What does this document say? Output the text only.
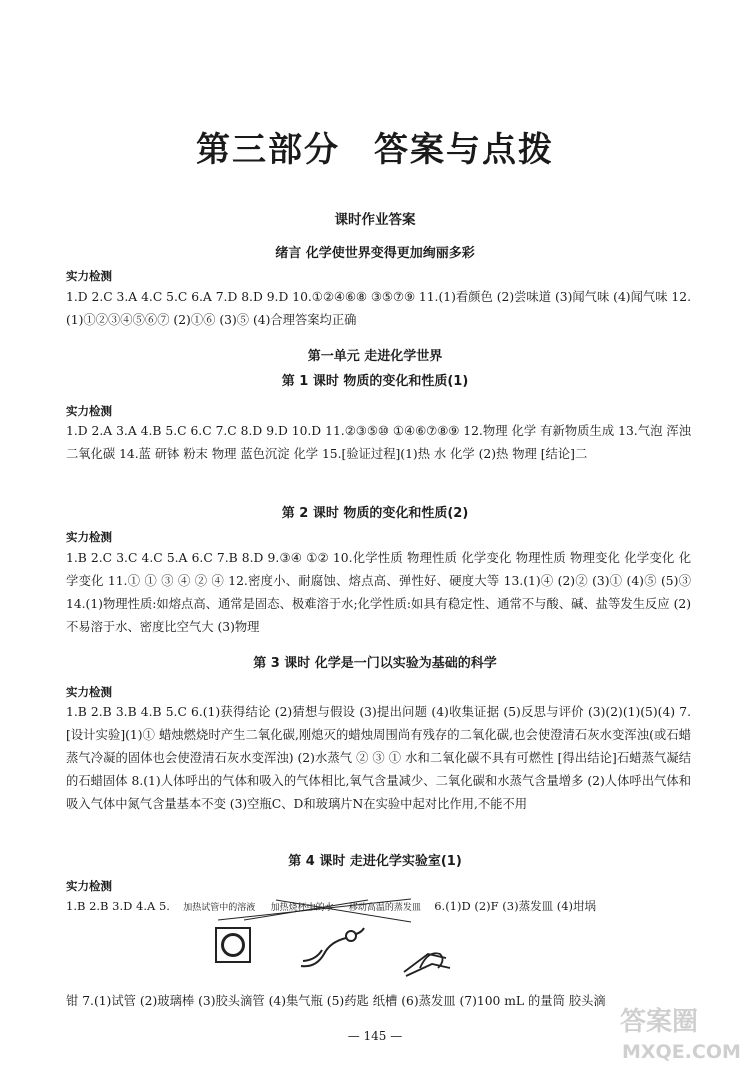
第三部分 答案与点拨
课时作业答案
绪言 化学使世界变得更加绚丽多彩
实力检测
1.D 2.C 3.A 4.C 5.C 6.A 7.D 8.D 9.D 10.①②④⑥⑧ ③⑤⑦⑨ 11.(1)看颜色 (2)尝味道 (3)闻气味 (4)闻气味 12.(1)①②③④⑤⑥⑦ (2)①⑥ (3)⑤ (4)合理答案均正确
第一单元 走进化学世界
第 1 课时 物质的变化和性质(1)
实力检测
1.D 2.A 3.A 4.B 5.C 6.C 7.C 8.D 9.D 10.D 11.②③⑤⑩ ①④⑥⑦⑧⑨ 12.物理 化学 有新物质生成 13.气泡 浑浊 二氧化碳 14.蓝 研钵 粉末 物理 蓝色沉淀 化学 15.[验证过程](1)热 水 化学 (2)热 物理 [结论]二
第 2 课时 物质的变化和性质(2)
实力检测
1.B 2.C 3.C 4.C 5.A 6.C 7.B 8.D 9.③④ ①② 10.化学性质 物理性质 化学变化 物理性质 物理变化 化学变化 化学变化 11.① ① ③ ④ ② ④ 12.密度小、耐腐蚀、熔点高、弹性好、硬度大等 13.(1)④ (2)② (3)① (4)⑤ (5)③ 14.(1)物理性质:如熔点高、通常是固态、极难溶于水;化学性质:如具有稳定性、通常不与酸、碱、盐等发生反应 (2)不易溶于水、密度比空气大 (3)物理
第 3 课时 化学是一门以实验为基础的科学
实力检测
1.B 2.B 3.B 4.B 5.C 6.(1)获得结论 (2)猜想与假设 (3)提出问题 (4)收集证据 (5)反思与评价 (3)(2)(1)(5)(4) 7.[设计实验](1)① 蜡烛燃烧时产生二氧化碳,刚熄灭的蜡烛周围尚有残存的二氧化碳,也会使澄清石灰水变浑浊(或石蜡蒸气冷凝的固体也会使澄清石灰水变浑浊) (2)水蒸气 ② ③ ① 水和二氧化碳不具有可燃性 [得出结论]石蜡蒸气凝结的石蜡固体 8.(1)人体呼出的气体和吸入的气体相比,氧气含量减少、二氧化碳和水蒸气含量增多 (2)人体呼出气体和吸入气体中氮气含量基本不变 (3)空瓶C、D和玻璃片N在实验中起对比作用,不能不用
第 4 课时 走进化学实验室(1)
实力检测
1.B 2.B 3.D 4.A 5. 加热试管中的溶液 加热烧杯中的水 移动高温的蒸发皿 6.(1)D (2)F (3)蒸发皿 (4)坩埚
钳 7.(1)试管 (2)玻璃棒 (3)胶头滴管 (4)集气瓶 (5)药匙 纸槽 (6)蒸发皿 (7)100 mL 的量筒 胶头滴
— 145 —	答案圈
MXQE.COM
